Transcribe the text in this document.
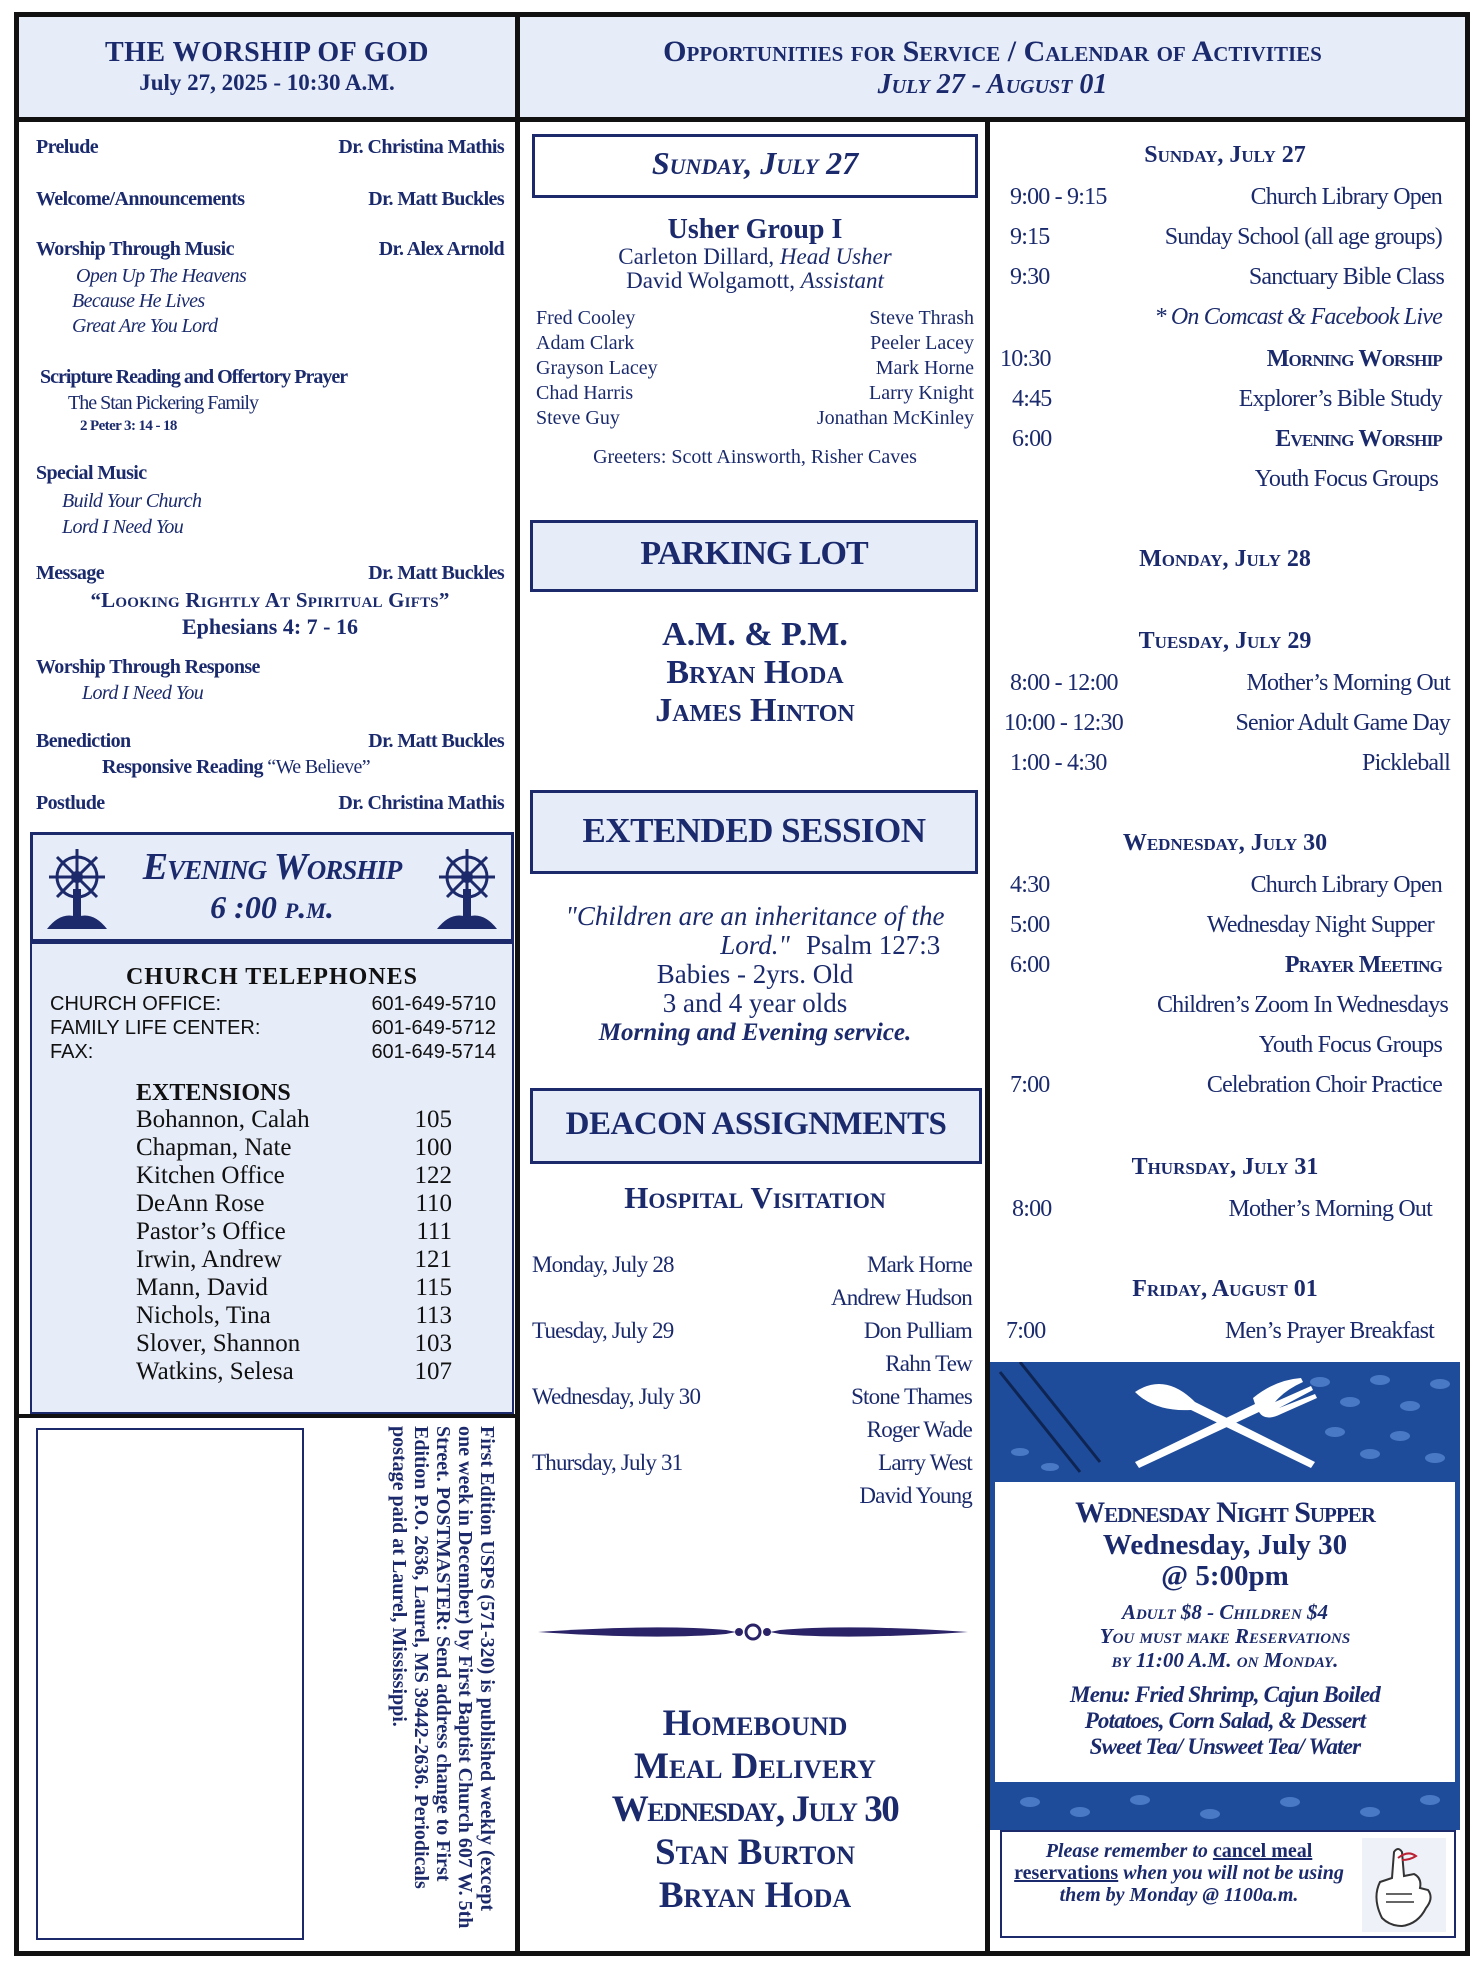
THE WORSHIP OF GOD
July 27, 2025 - 10:30 A.M.
Opportunities for Service / Calendar of Activities
July 27 - August 01
Prelude	Dr. Christina Mathis
Welcome/Announcements	Dr. Matt Buckles
Worship Through Music	Dr. Alex Arnold
Open Up The Heavens
Because He Lives
Great Are You Lord
Scripture Reading and Offertory Prayer
The Stan Pickering Family
2 Peter 3: 14 - 18
Special Music
Build Your Church
Lord I Need You
Message	Dr. Matt Buckles
“Looking Rightly At Spiritual Gifts”
Ephesians 4: 7 - 16
Worship Through Response
Lord I Need You
Benediction	Dr. Matt Buckles
Responsive Reading “We Believe”
Postlude	Dr. Christina Mathis
Evening Worship
6 :00 p.m.
CHURCH TELEPHONES
CHURCH OFFICE:	601-649-5710
FAMILY LIFE CENTER:	601-649-5712
FAX:	601-649-5714
EXTENSIONS
Bohannon, Calah	105
Chapman, Nate	100
Kitchen Office	122
DeAnn Rose	110
Pastor’s Office	111
Irwin, Andrew	121
Mann, David	115
Nichols, Tina	113
Slover, Shannon	103
Watkins, Selesa	107
First Edition USPS (571-320) is published weekly (except one week in December) by First Baptist Church 607 W. 5th Street. POSTMASTER: Send address change to First Edition P.O. 2636, Laurel, MS 39442-2636. Periodicals postage paid at Laurel, Mississippi.
Sunday, July 27
Usher Group I
Carleton Dillard, Head Usher
David Wolgamott, Assistant
Fred Cooley	Steve Thrash
Adam Clark	Peeler Lacey
Grayson Lacey	Mark Horne
Chad Harris	Larry Knight
Steve Guy	Jonathan McKinley
Greeters: Scott Ainsworth, Risher Caves
PARKING LOT
A.M. & P.M.
Bryan Hoda
James Hinton
EXTENDED SESSION
"Children are an inheritance of the Lord." Psalm 127:3
Babies - 2yrs. Old
3 and 4 year olds
Morning and Evening service.
DEACON ASSIGNMENTS
Hospital Visitation
Monday, July 28	Mark Horne
Andrew Hudson
Tuesday, July 29	Don Pulliam
Rahn Tew
Wednesday, July 30	Stone Thames
Roger Wade
Thursday, July 31	Larry West
David Young
Homebound
Meal Delivery
Wednesday, July 30
Stan Burton
Bryan Hoda
Sunday, July 27
9:00 - 9:15	Church Library Open
9:15	Sunday School (all age groups)
9:30	Sanctuary Bible Class
* On Comcast & Facebook Live
10:30	Morning Worship
4:45	Explorer’s Bible Study
6:00	Evening Worship
Youth Focus Groups
Monday, July 28
Tuesday, July 29
8:00 - 12:00	Mother’s Morning Out
10:00 - 12:30	Senior Adult Game Day
1:00 - 4:30	Pickleball
Wednesday, July 30
4:30	Church Library Open
5:00	Wednesday Night Supper
6:00	Prayer Meeting
Children’s Zoom In Wednesdays
Youth Focus Groups
7:00	Celebration Choir Practice
Thursday, July 31
8:00	Mother’s Morning Out
Friday, August 01
7:00	Men’s Prayer Breakfast
Wednesday Night Supper
Wednesday, July 30
@ 5:00pm
Adult $8 - Children $4
You must make Reservations
by 11:00 A.M. on Monday.
Menu: Fried Shrimp, Cajun Boiled
Potatoes, Corn Salad, & Dessert
Sweet Tea/ Unsweet Tea/ Water
Please remember to cancel meal reservations when you will not be using them by Monday @ 1100a.m.
